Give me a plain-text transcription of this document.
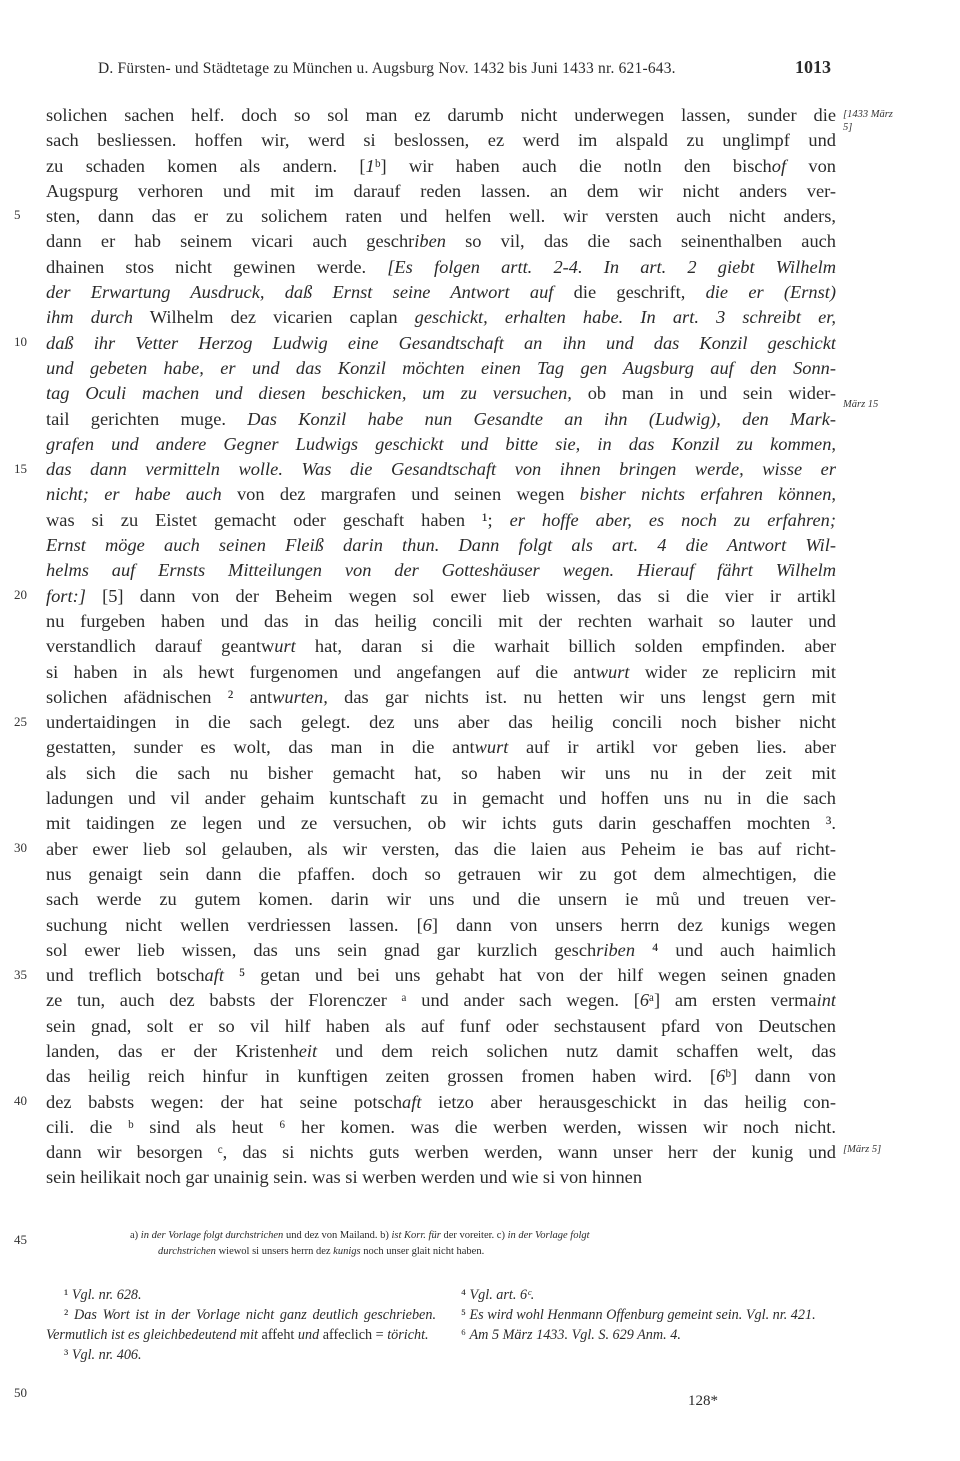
D. Fürsten- und Städtetage zu München u. Augsburg Nov. 1432 bis Juni 1433 nr. 621-643.	1013
solichen sachen helf. doch so sol man ez darumb nicht underwegen lassen, sunder die
sach besliessen. hoffen wir, werd si beslossen, ez werd im alspald zu unglimpf und
zu schaden komen als andern. [1ᵇ] wir haben auch die notln den bischof von
Augspurg verhoren und mit im darauf reden lassen. an dem wir nicht anders ver-
sten, dann das er zu solichem raten und helfen well. wir versten auch nicht anders,
dann er hab seinem vicari auch geschriben so vil, das die sach seinenthalben auch
dhainen stos nicht gewinen werde. [Es folgen artt. 2-4. In art. 2 giebt Wilhelm
der Erwartung Ausdruck, daß Ernst seine Antwort auf die geschrift, die er (Ernst)
ihm durch Wilhelm dez vicarien caplan geschickt, erhalten habe. In art. 3 schreibt er,
daß ihr Vetter Herzog Ludwig eine Gesandtschaft an ihn und das Konzil geschickt
und gebeten habe, er und das Konzil möchten einen Tag gen Augsburg auf den Sonn-
tag Oculi machen und diesen beschicken, um zu versuchen, ob man in und sein wider-
tail gerichten muge. Das Konzil habe nun Gesandte an ihn (Ludwig), den Mark-
grafen und andere Gegner Ludwigs geschickt und bitte sie, in das Konzil zu kommen,
das dann vermitteln wolle. Was die Gesandtschaft von ihnen bringen werde, wisse er
nicht; er habe auch von dez margrafen und seinen wegen bisher nichts erfahren können,
was si zu Eistet gemacht oder geschaft haben ¹; er hoffe aber, es noch zu erfahren;
Ernst möge auch seinen Fleiß darin thun. Dann folgt als art. 4 die Antwort Wil-
helms auf Ernsts Mitteilungen von der Gotteshäuser wegen. Hierauf fährt Wilhelm
fort:] [5] dann von der Beheim wegen sol ewer lieb wissen, das si die vier ir artikl
nu furgeben haben und das in das heilig concili mit der rechten warhait so lauter und
verstandlich darauf geantwurt hat, daran si die warhait billich solden empfinden. aber
si haben in als hewt furgenomen und angefangen auf die antwurt wider ze replicirn mit
solichen afädnischen ² antwurten, das gar nichts ist. nu hetten wir uns lengst gern mit
undertaidingen in die sach gelegt. dez uns aber das heilig concili noch bisher nicht
gestatten, sunder es wolt, das man in die antwurt auf ir artikl vor geben lies. aber
als sich die sach nu bisher gemacht hat, so haben wir uns nu in der zeit mit
ladungen und vil ander gehaim kuntschaft zu in gemacht und hoffen uns nu in die sach
mit taidingen ze legen und ze versuchen, ob wir ichts guts darin geschaffen mochten ³.
aber ewer lieb sol gelauben, als wir versten, das die laien aus Peheim ie bas auf richt-
nus genaigt sein dann die pfaffen. doch so getrauen wir zu got dem almechtigen, die
sach werde zu gutem komen. darin wir uns und die unsern ie mů und treuen ver-
suchung nicht wellen verdriessen lassen. [6] dann von unsers herrn dez kunigs wegen
sol ewer lieb wissen, das uns sein gnad gar kurzlich geschriben ⁴ und auch haimlich
und treflich botschaft ⁵ getan und bei uns gehabt hat von der hilf wegen seinen gnaden
ze tun, auch dez babsts der Florenczer ᵃ und ander sach wegen. [6ᵃ] am ersten vermaint
sein gnad, solt er so vil hilf haben als auf funf oder sechstausent pfard von Deutschen
landen, das er der Kristenheit und dem reich solichen nutz damit schaffen welt, das
das heilig reich hinfur in kunftigen zeiten grossen fromen haben wird. [6ᵇ] dann von
dez babsts wegen: der hat seine potschaft ietzo aber herausgeschickt in das heilig con-
cili. die ᵇ sind als heut ⁶ her komen. was die werben werden, wissen wir noch nicht.
dann wir besorgen ᶜ, das si nichts guts werben werden, wann unser herr der kunig und
sein heilikait noch gar unainig sein. was si werben werden und wie si von hinnen
5
10
15
20
25
30
35
40
45
50
[1433 März 5]
März 15
[März 5]
a) in der Vorlage folgt durchstrichen und dez von Mailand. b) ist Korr. für der voreiter. c) in der Vorlage folgt
durchstrichen wiewol si unsers herrn dez kunigs noch unser glait nicht haben.

¹ Vgl. nr. 628.

² Das Wort ist in der Vorlage nicht ganz deutlich geschrieben. Vermutlich ist es gleichbedeutend mit affeht und affeclich = töricht.

³ Vgl. nr. 406.

⁴ Vgl. art. 6ᶜ.

⁵ Es wird wohl Henmann Offenburg gemeint sein. Vgl. nr. 421.

⁶ Am 5 März 1433. Vgl. S. 629 Anm. 4.

128*
